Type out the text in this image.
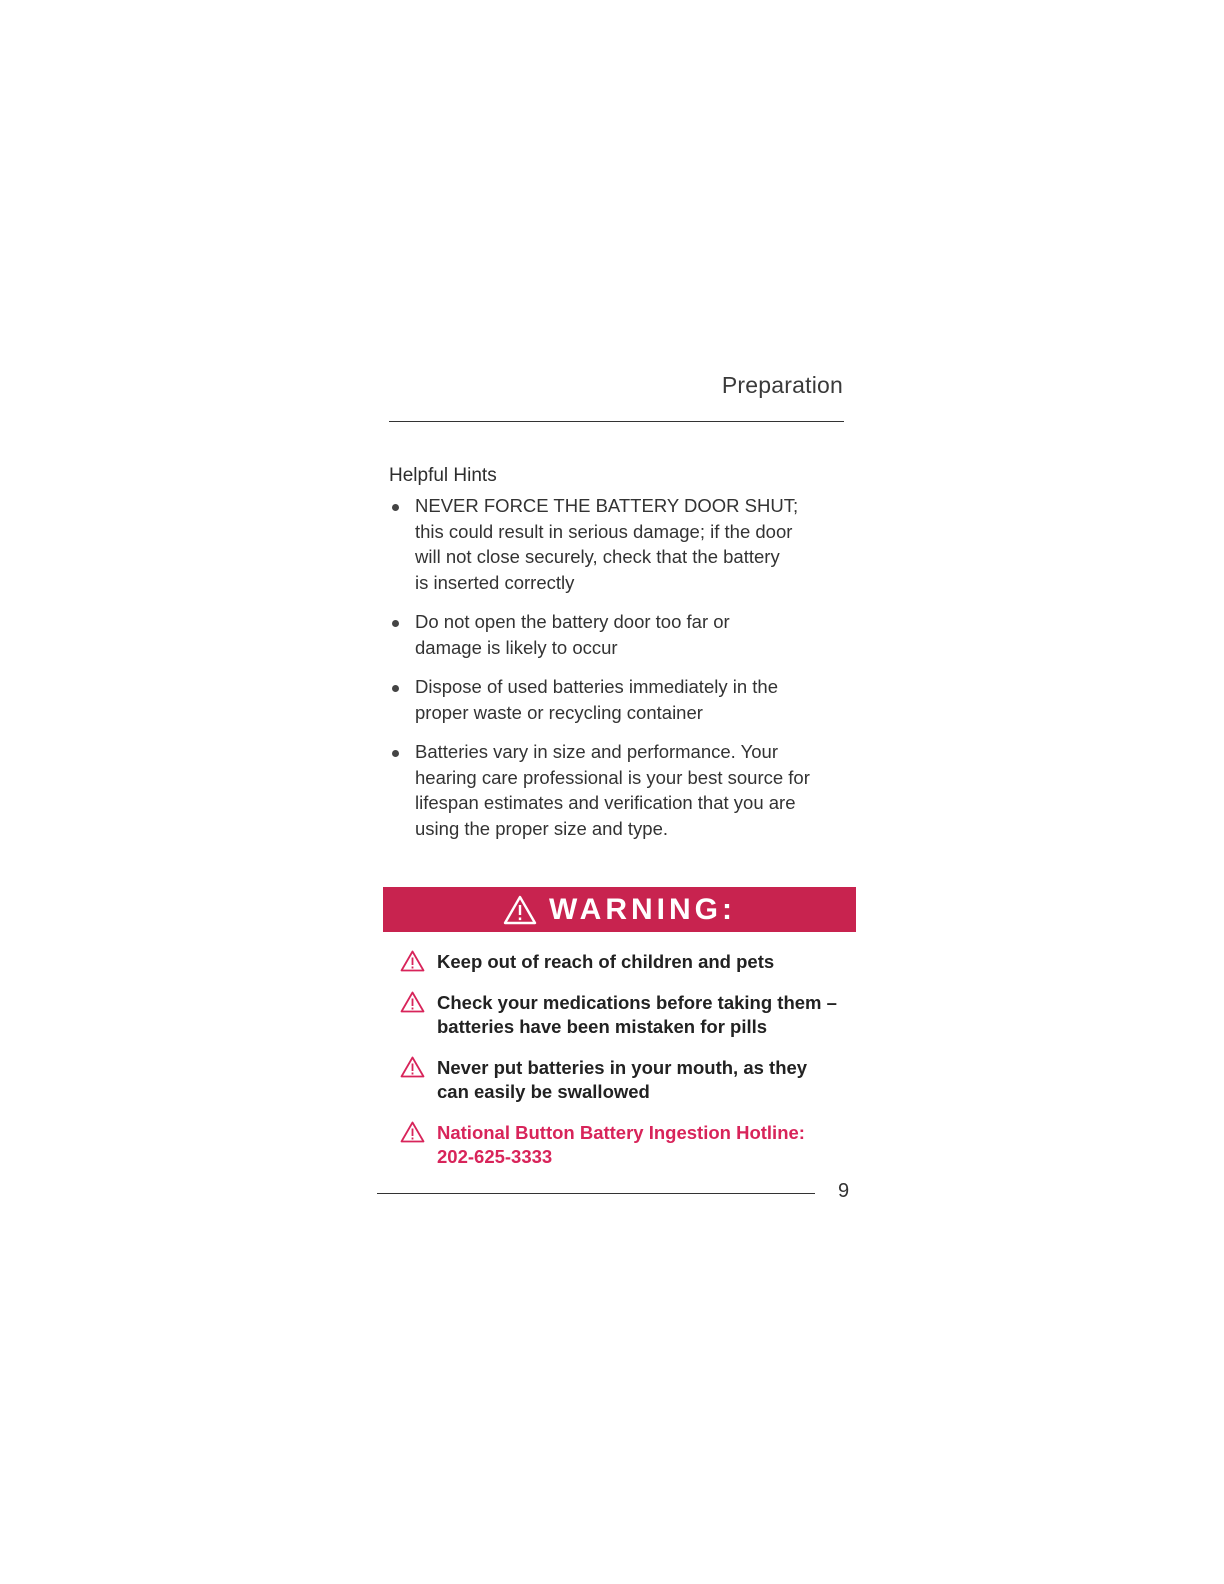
Preparation
Helpful Hints
NEVER FORCE THE BATTERY DOOR SHUT;
this could result in serious damage; if the door
will not close securely, check that the battery
is inserted correctly
Do not open the battery door too far or
damage is likely to occur
Dispose of used batteries immediately in the
proper waste or recycling container
Batteries vary in size and performance. Your
hearing care professional is your best source for
lifespan estimates and verification that you are
using the proper size and type.
WARNING:
Keep out of reach of children and pets
Check your medications before taking them –
batteries have been mistaken for pills
Never put batteries in your mouth, as they
can easily be swallowed
National Button Battery Ingestion Hotline:
202-625-3333
9
